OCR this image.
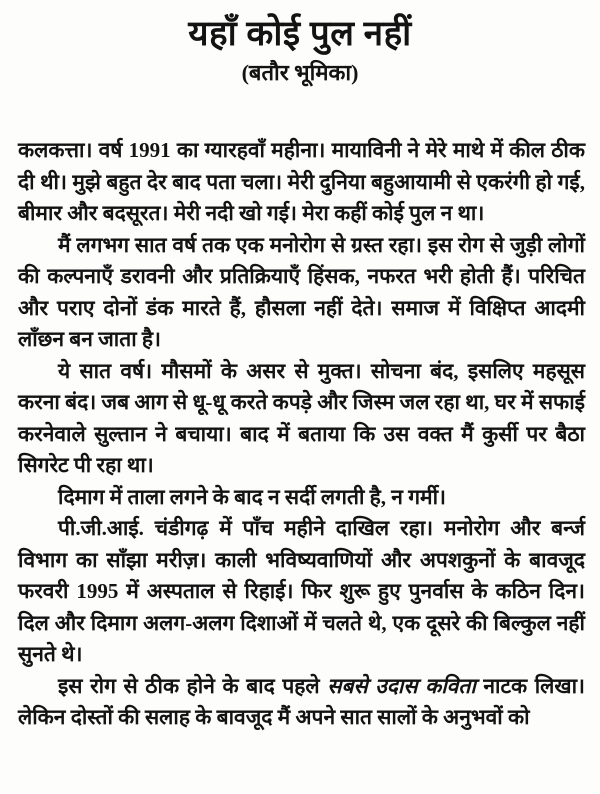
यहाँ कोई पुल नहीं
(बतौर भूमिका)

कलकत्ता। वर्ष 1991 का ग्यारहवाँ महीना। मायाविनी ने मेरे माथे में कील ठीक दी थी। मुझे बहुत देर बाद पता चला। मेरी दुनिया बहुआयामी से एकरंगी हो गई, बीमार और बदसूरत। मेरी नदी खो गई। मेरा कहीं कोई पुल न था।

मैं लगभग सात वर्ष तक एक मनोरोग से ग्रस्त रहा। इस रोग से जुड़ी लोगों की कल्पनाएँ डरावनी और प्रतिक्रियाएँ हिंसक, नफरत भरी होती हैं। परिचित और पराए दोनों डंक मारते हैं, हौसला नहीं देते। समाज में विक्षिप्त आदमी लाँछन बन जाता है।

ये सात वर्ष। मौसमों के असर से मुक्त। सोचना बंद, इसलिए महसूस करना बंद। जब आग से धू-धू करते कपड़े और जिस्म जल रहा था, घर में सफाई करनेवाले सुल्तान ने बचाया। बाद में बताया कि उस वक्त मैं कुर्सी पर बैठा सिगरेट पी रहा था।

दिमाग में ताला लगने के बाद न सर्दी लगती है, न गर्मी।

पी.जी.आई. चंडीगढ़ में पाँच महीने दाखिल रहा। मनोरोग और बर्न्ज विभाग का साँझा मरीज़। काली भविष्यवाणियों और अपशकुनों के बावजूद फरवरी 1995 में अस्पताल से रिहाई। फिर शुरू हुए पुनर्वास के कठिन दिन। दिल और दिमाग अलग-अलग दिशाओं में चलते थे, एक दूसरे की बिल्कुल नहीं सुनते थे।

इस रोग से ठीक होने के बाद पहले सबसे उदास कविता नाटक लिखा। लेकिन दोस्तों की सलाह के बावजूद मैं अपने सात सालों के अनुभवों को
